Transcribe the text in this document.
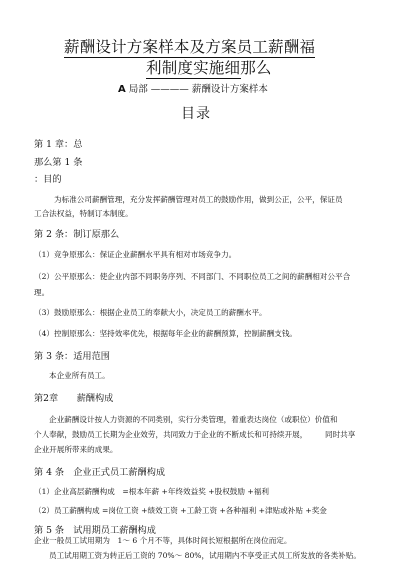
薪酬设计方案样本及方案员工薪酬福
利制度实施细那么
A 局部 ———— 薪酬设计方案样本
目录
第 1 章：总
那么第 1 条
：目的
为标准公司薪酬管理，充分发挥薪酬管理对员工的鼓励作用，做到公正，公平，保证员
工合法权益，特制订本制度。
第 2 条：制订原那么
（1）竞争原那么：保证企业薪酬水平具有相对市场竞争力。
（2）公平原那么：使企业内部不同职务序列、不同部门、不同职位员工之间的薪酬相对公平合
理。
（3）鼓励原那么：根据企业员工的奉献大小，决定员工的薪酬水平。
（4）控制原那么：坚持效率优先，根据每年企业的薪酬预算，控制薪酬支钱。
第 3 条：适用范围
本企业所有员工。
第2章　　薪酬构成
企业薪酬设计按人力资源的不同类别，实行分类管理，着重表达岗位（或职位）价值和
个人奉献，鼓励员工长期为企业效劳，共同致力于企业的不断成长和可持续开展， 同时共享
企业开展所带来的成果。
第 4 条　企业正式员工薪酬构成
（1）企业高层薪酬构成　=根本年薪 +年终效益奖 +股权鼓励 +福利
（2）员工薪酬构成 =岗位工资 +绩效工资 +工龄工资 +各种福利 +津贴或补贴 +奖金
第 5 条　试用期员工薪酬构成
企业一般员工试用期为　1～ 6 个月不等，具体时间长短根据所在岗位而定。
员工试用期工资为转正后工资的 70%～ 80%，试用期内不享受正式员工所发放的各类补贴。
